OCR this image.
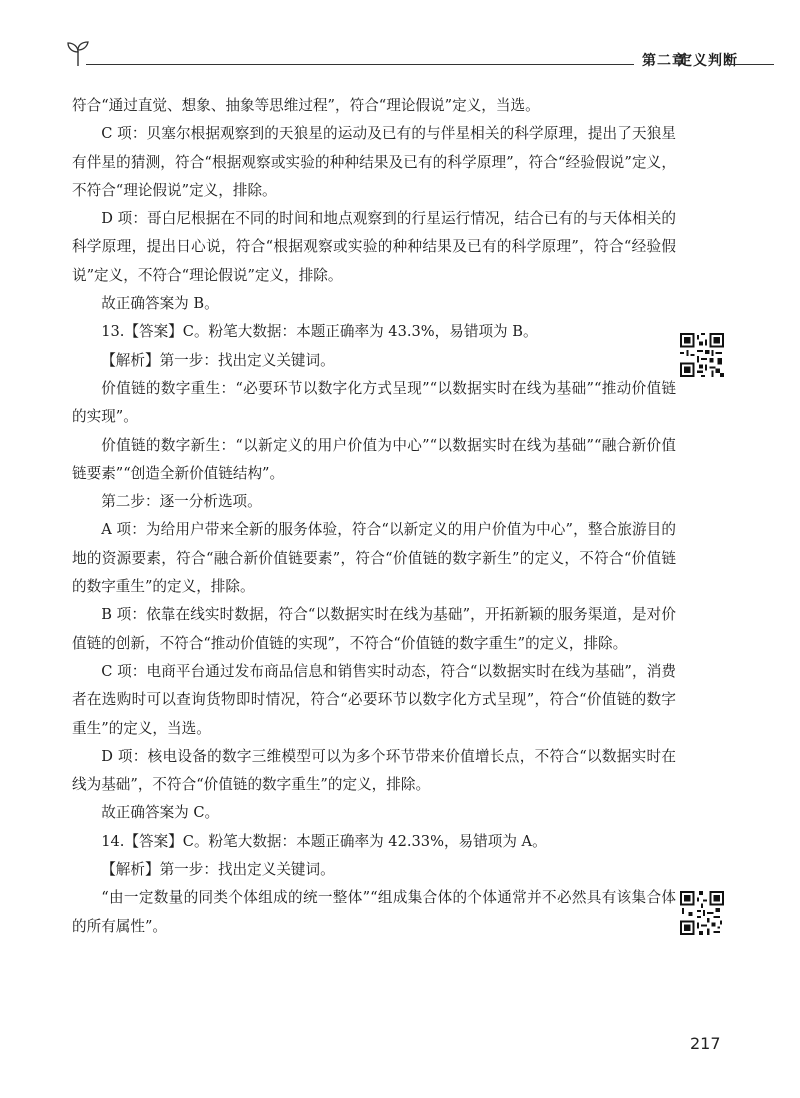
第二章
定义判断

符合“通过直觉、想象、抽象等思维过程”，符合“理论假说”定义，当选。

C 项：贝塞尔根据观察到的天狼星的运动及已有的与伴星相关的科学原理，提出了天狼星有伴星的猜测，符合“根据观察或实验的种种结果及已有的科学原理”，符合“经验假说”定义，不符合“理论假说”定义，排除。

D 项：哥白尼根据在不同的时间和地点观察到的行星运行情况，结合已有的与天体相关的科学原理，提出日心说，符合“根据观察或实验的种种结果及已有的科学原理”，符合“经验假说”定义，不符合“理论假说”定义，排除。

故正确答案为 B。

13.【答案】C。粉笔大数据：本题正确率为 43.3%，易错项为 B。

【解析】第一步：找出定义关键词。

价值链的数字重生：“必要环节以数字化方式呈现”“以数据实时在线为基础”“推动价值链的实现”。

价值链的数字新生：“以新定义的用户价值为中心”“以数据实时在线为基础”“融合新价值链要素”“创造全新价值链结构”。

第二步：逐一分析选项。

A 项：为给用户带来全新的服务体验，符合“以新定义的用户价值为中心”，整合旅游目的地的资源要素，符合“融合新价值链要素”，符合“价值链的数字新生”的定义，不符合“价值链的数字重生”的定义，排除。

B 项：依靠在线实时数据，符合“以数据实时在线为基础”，开拓新颖的服务渠道，是对价值链的创新，不符合“推动价值链的实现”，不符合“价值链的数字重生”的定义，排除。

C 项：电商平台通过发布商品信息和销售实时动态，符合“以数据实时在线为基础”，消费者在选购时可以查询货物即时情况，符合“必要环节以数字化方式呈现”，符合“价值链的数字重生”的定义，当选。

D 项：核电设备的数字三维模型可以为多个环节带来价值增长点，不符合“以数据实时在线为基础”，不符合“价值链的数字重生”的定义，排除。

故正确答案为 C。

14.【答案】C。粉笔大数据：本题正确率为 42.33%，易错项为 A。

【解析】第一步：找出定义关键词。

“由一定数量的同类个体组成的统一整体”“组成集合体的个体通常并不必然具有该集合体的所有属性”。

217
